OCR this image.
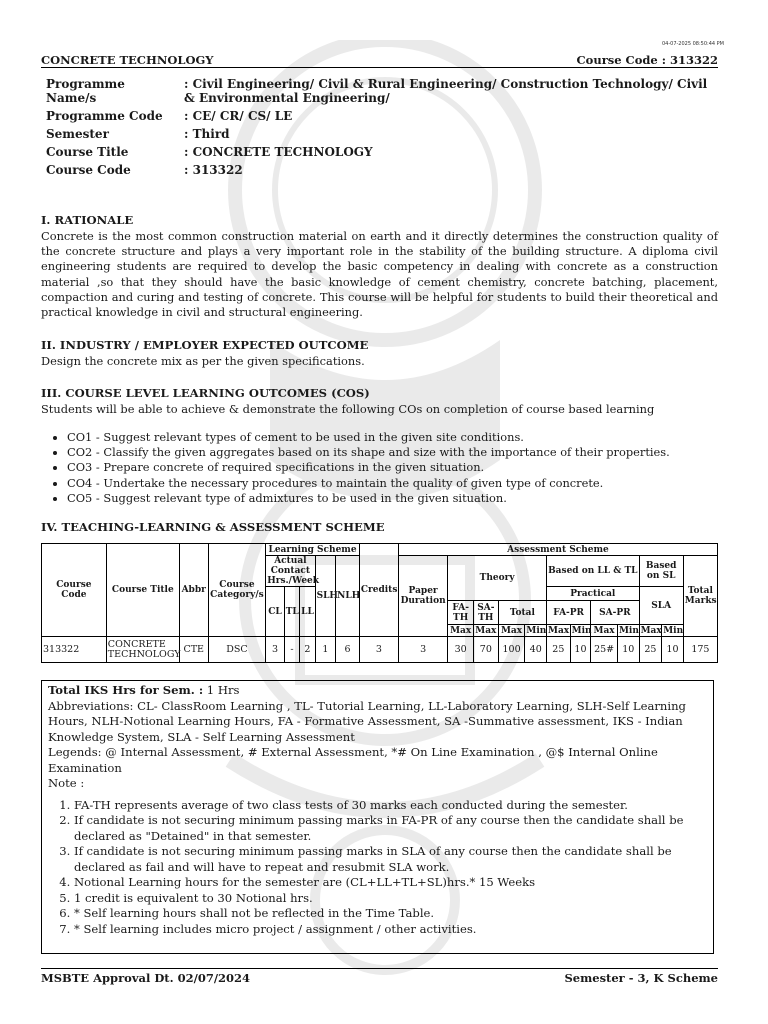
04-07-2025 08:50:44 PM
CONCRETE TECHNOLOGY	Course Code : 313322
Programme Name/s	: Civil Engineering/ Civil & Rural Engineering/ Construction Technology/ Civil & Environmental Engineering/
Programme Code	: CE/ CR/ CS/ LE
Semester	: Third
Course Title	: CONCRETE TECHNOLOGY
Course Code	: 313322
I. RATIONALE
Concrete is the most common construction material on earth and it directly determines the construction quality of the concrete structure and plays a very important role in the stability of the building structure. A diploma civil engineering students are required to develop the basic competency in dealing with concrete as a construction material ,so that they should have the basic knowledge of cement chemistry, concrete batching, placement, compaction and curing and testing of concrete. This course will be helpful for students to build their theoretical and practical knowledge in civil and structural engineering.
II. INDUSTRY / EMPLOYER EXPECTED OUTCOME
Design the concrete mix as per the given specifications.
III. COURSE LEVEL LEARNING OUTCOMES (COS)
Students will be able to achieve & demonstrate the following COs on completion of course based learning
• CO1 - Suggest relevant types of cement to be used in the given site conditions.
• CO2 - Classify the given aggregates based on its shape and size with the importance of their properties.
• CO3 - Prepare concrete of required specifications in the given situation.
• CO4 - Undertake the necessary procedures to maintain the quality of given type of concrete.
• CO5 - Suggest relevant type of admixtures to be used in the given situation.
IV. TEACHING-LEARNING & ASSESSMENT SCHEME
Course Code	Course Title	Abbr	Course Category/s	Learning Scheme					Credits	Assessment Scheme											
				Actual Contact Hrs./Week			SLH	NLH		Paper Duration	Theory				Based on LL & TL				Based on SL		Total Marks
				CL	TL	LL									Practical				SLA		
											FA-TH	SA-TH	Total		FA-PR		SA-PR				
											Max	Max	Max	Min	Max	Min	Max	Min	Max	Min	
313322	CONCRETE TECHNOLOGY	CTE	DSC	3	-	2	1	6	3	3	30	70	100	40	25	10	25#	10	25	10	175
Total IKS Hrs for Sem. : 1 Hrs
Abbreviations: CL- ClassRoom Learning , TL- Tutorial Learning, LL-Laboratory Learning, SLH-Self Learning Hours, NLH-Notional Learning Hours, FA - Formative Assessment, SA -Summative assessment, IKS - Indian Knowledge System, SLA - Self Learning Assessment
Legends: @ Internal Assessment, # External Assessment, *# On Line Examination , @$ Internal Online Examination
Note :
1. FA-TH represents average of two class tests of 30 marks each conducted during the semester.
2. If candidate is not securing minimum passing marks in FA-PR of any course then the candidate shall be declared as "Detained" in that semester.
3. If candidate is not securing minimum passing marks in SLA of any course then the candidate shall be declared as fail and will have to repeat and resubmit SLA work.
4. Notional Learning hours for the semester are (CL+LL+TL+SL)hrs.* 15 Weeks
5. 1 credit is equivalent to 30 Notional hrs.
6. * Self learning hours shall not be reflected in the Time Table.
7. * Self learning includes micro project / assignment / other activities.
MSBTE Approval Dt. 02/07/2024	Semester - 3, K Scheme
